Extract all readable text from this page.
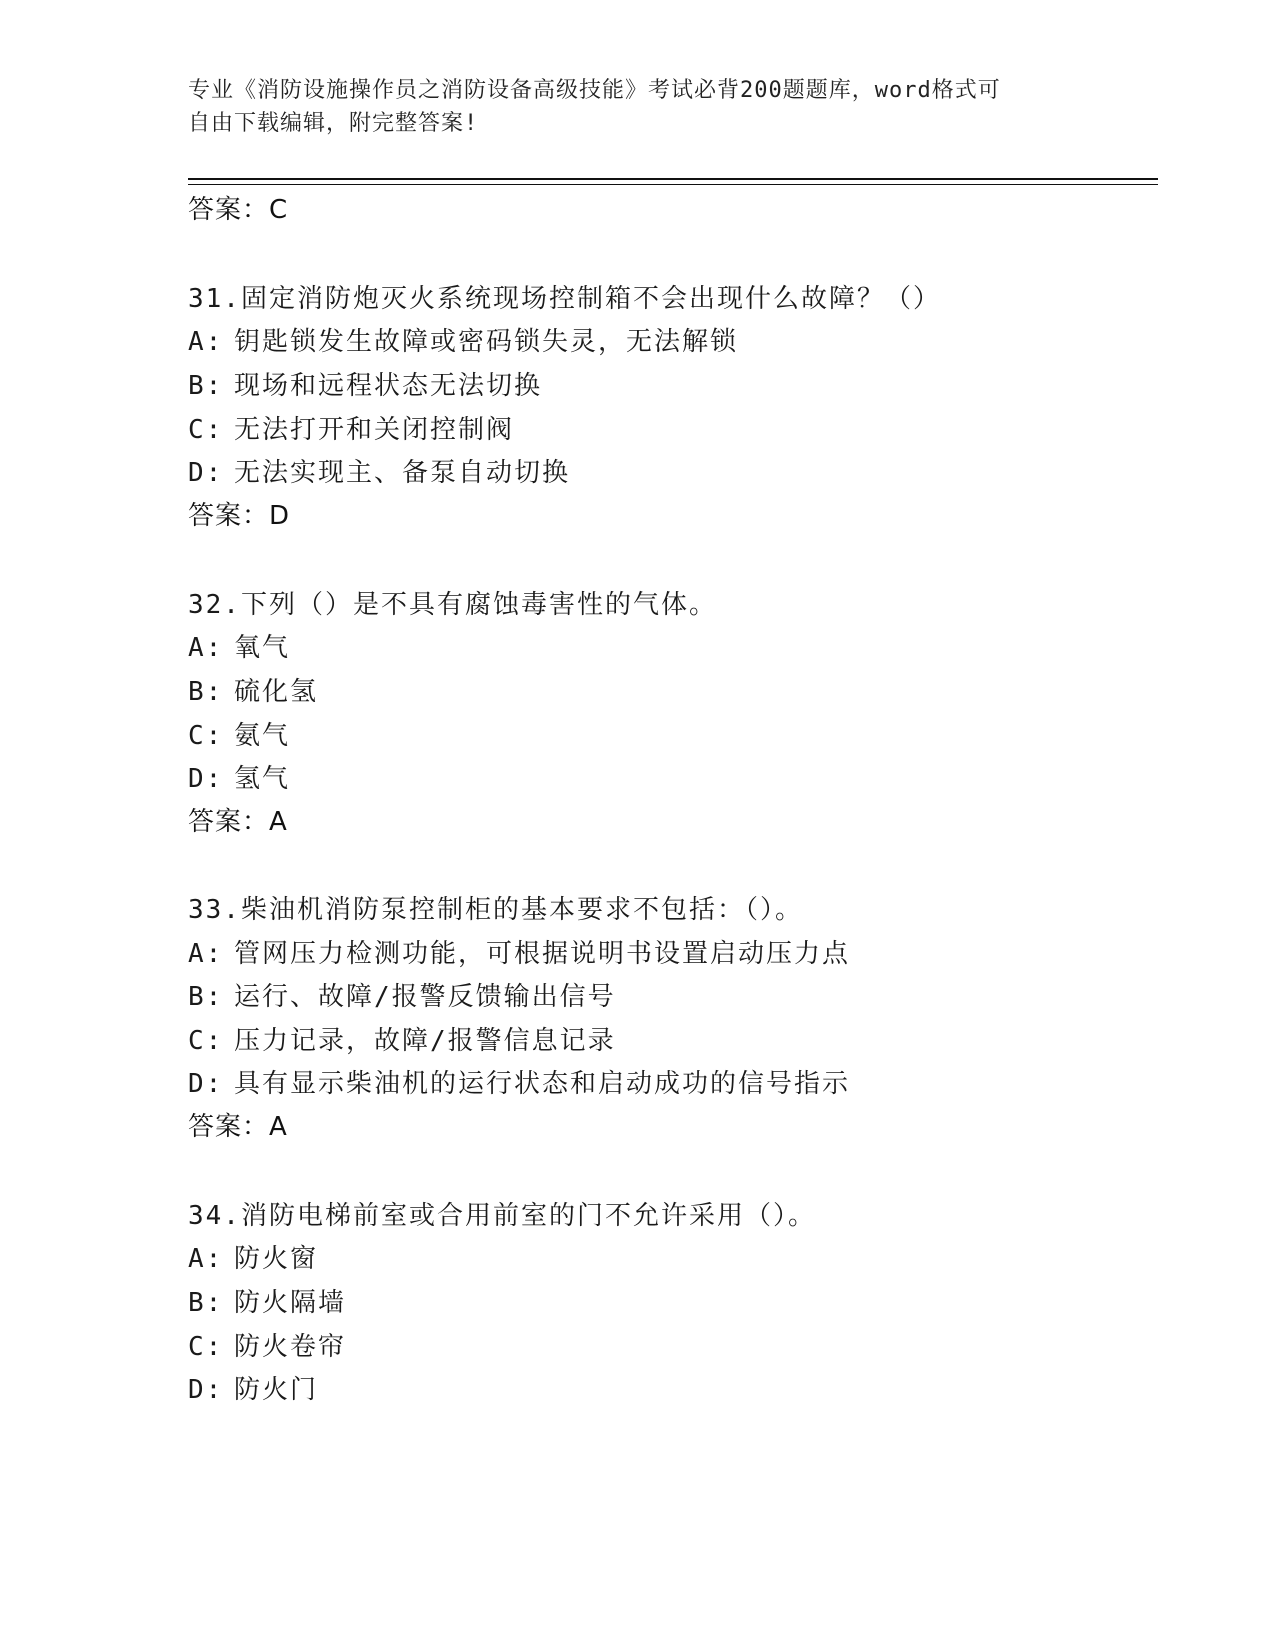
专业《消防设施操作员之消防设备高级技能》考试必背200题题库，word格式可
自由下载编辑，附完整答案!
答案：C
31.固定消防炮灭火系统现场控制箱不会出现什么故障？（）
A: 钥匙锁发生故障或密码锁失灵，无法解锁
B: 现场和远程状态无法切换
C: 无法打开和关闭控制阀
D: 无法实现主、备泵自动切换
答案：D
32.下列（）是不具有腐蚀毒害性的气体。
A: 氧气
B: 硫化氢
C: 氨气
D: 氢气
答案：A
33.柴油机消防泵控制柜的基本要求不包括：（）。
A: 管网压力检测功能，可根据说明书设置启动压力点
B: 运行、故障/报警反馈输出信号
C: 压力记录，故障/报警信息记录
D: 具有显示柴油机的运行状态和启动成功的信号指示
答案：A
34.消防电梯前室或合用前室的门不允许采用（）。
A: 防火窗
B: 防火隔墙
C: 防火卷帘
D: 防火门
